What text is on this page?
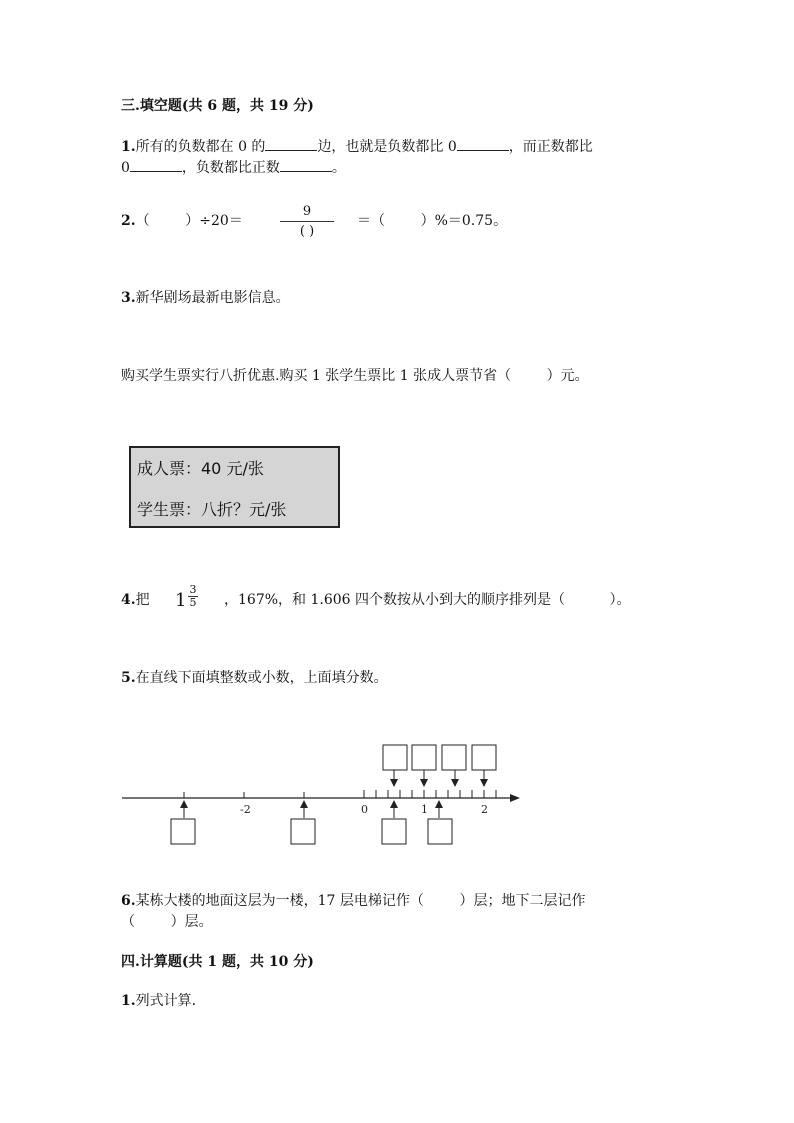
三.填空题(共 6 题，共 19 分)
1.所有的负数都在 0 的	边，也就是负数都比 0	，而正数都比
0	，负数都比正数	。
2.（        ）÷20＝
9
( )
＝（        ）%＝0.75。
3.新华剧场最新电影信息。
购买学生票实行八折优惠.购买 1 张学生票比 1 张成人票节省（        ）元。
成人票：40 元/张
学生票：八折？元/张
4.把 1
3
5 ，167%，和 1.606 四个数按从小到大的顺序排列是（          ）。
5.在直线下面填整数或小数，上面填分数。
-2	0	1	2
6.某栋大楼的地面这层为一楼，17 层电梯记作（        ）层；地下二层记作
（        ）层。
四.计算题(共 1 题，共 10 分)
1.列式计算.
